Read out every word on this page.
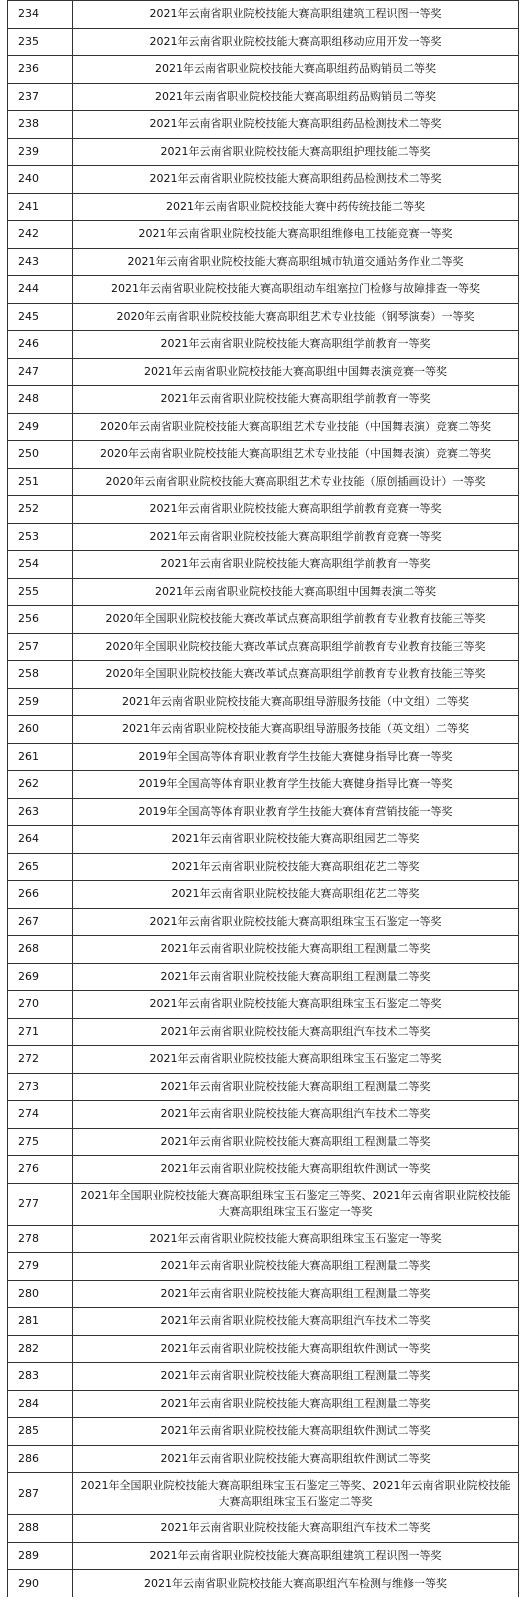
234	2021年云南省职业院校技能大赛高职组建筑工程识图一等奖
235	2021年云南省职业院校技能大赛高职组移动应用开发一等奖
236	2021年云南省职业院校技能大赛高职组药品购销员二等奖
237	2021年云南省职业院校技能大赛高职组药品购销员二等奖
238	2021年云南省职业院校技能大赛高职组药品检测技术二等奖
239	2021年云南省职业院校技能大赛高职组护理技能二等奖
240	2021年云南省职业院校技能大赛高职组药品检测技术二等奖
241	2021年云南省职业院校技能大赛中药传统技能二等奖
242	2021年云南省职业院校技能大赛高职组维修电工技能竞赛一等奖
243	2021年云南省职业院校技能大赛高职组城市轨道交通站务作业二等奖
244	2021年云南省职业院校技能大赛高职组动车组塞拉门检修与故障排查一等奖
245	2020年云南省职业院校技能大赛高职组艺术专业技能（钢琴演奏）一等奖
246	2021年云南省职业院校技能大赛高职组学前教育一等奖
247	2021年云南省职业院校技能大赛高职组中国舞表演竞赛一等奖
248	2021年云南省职业院校技能大赛高职组学前教育一等奖
249	2020年云南省职业院校技能大赛高职组艺术专业技能（中国舞表演）竞赛二等奖
250	2020年云南省职业院校技能大赛高职组艺术专业技能（中国舞表演）竞赛二等奖
251	2020年云南省职业院校技能大赛高职组艺术专业技能（原创插画设计）一等奖
252	2021年云南省职业院校技能大赛高职组学前教育竞赛一等奖
253	2021年云南省职业院校技能大赛高职组学前教育竞赛一等奖
254	2021年云南省职业院校技能大赛高职组学前教育一等奖
255	2021年云南省职业院校技能大赛高职组中国舞表演二等奖
256	2020年全国职业院校技能大赛改革试点赛高职组学前教育专业教育技能三等奖
257	2020年全国职业院校技能大赛改革试点赛高职组学前教育专业教育技能三等奖
258	2020年全国职业院校技能大赛改革试点赛高职组学前教育专业教育技能三等奖
259	2021年云南省职业院校技能大赛高职组导游服务技能（中文组）二等奖
260	2021年云南省职业院校技能大赛高职组导游服务技能（英文组）二等奖
261	2019年全国高等体育职业教育学生技能大赛健身指导比赛一等奖
262	2019年全国高等体育职业教育学生技能大赛健身指导比赛一等奖
263	2019年全国高等体育职业教育学生技能大赛体育营销技能一等奖
264	2021年云南省职业院校技能大赛高职组园艺二等奖
265	2021年云南省职业院校技能大赛高职组花艺二等奖
266	2021年云南省职业院校技能大赛高职组花艺二等奖
267	2021年云南省职业院校技能大赛高职组珠宝玉石鉴定一等奖
268	2021年云南省职业院校技能大赛高职组工程测量二等奖
269	2021年云南省职业院校技能大赛高职组工程测量二等奖
270	2021年云南省职业院校技能大赛高职组珠宝玉石鉴定二等奖
271	2021年云南省职业院校技能大赛高职组汽车技术二等奖
272	2021年云南省职业院校技能大赛高职组珠宝玉石鉴定二等奖
273	2021年云南省职业院校技能大赛高职组工程测量二等奖
274	2021年云南省职业院校技能大赛高职组汽车技术二等奖
275	2021年云南省职业院校技能大赛高职组工程测量二等奖
276	2021年云南省职业院校技能大赛高职组软件测试一等奖
277	2021年全国职业院校技能大赛高职组珠宝玉石鉴定三等奖、2021年云南省职业院校技能大赛高职组珠宝玉石鉴定一等奖
278	2021年云南省职业院校技能大赛高职组珠宝玉石鉴定一等奖
279	2021年云南省职业院校技能大赛高职组工程测量二等奖
280	2021年云南省职业院校技能大赛高职组工程测量二等奖
281	2021年云南省职业院校技能大赛高职组汽车技术二等奖
282	2021年云南省职业院校技能大赛高职组软件测试一等奖
283	2021年云南省职业院校技能大赛高职组工程测量二等奖
284	2021年云南省职业院校技能大赛高职组工程测量二等奖
285	2021年云南省职业院校技能大赛高职组软件测试二等奖
286	2021年云南省职业院校技能大赛高职组软件测试二等奖
287	2021年全国职业院校技能大赛高职组珠宝玉石鉴定三等奖、2021年云南省职业院校技能大赛高职组珠宝玉石鉴定二等奖
288	2021年云南省职业院校技能大赛高职组汽车技术二等奖
289	2021年云南省职业院校技能大赛高职组建筑工程识图一等奖
290	2021年云南省职业院校技能大赛高职组汽车检测与维修一等奖
